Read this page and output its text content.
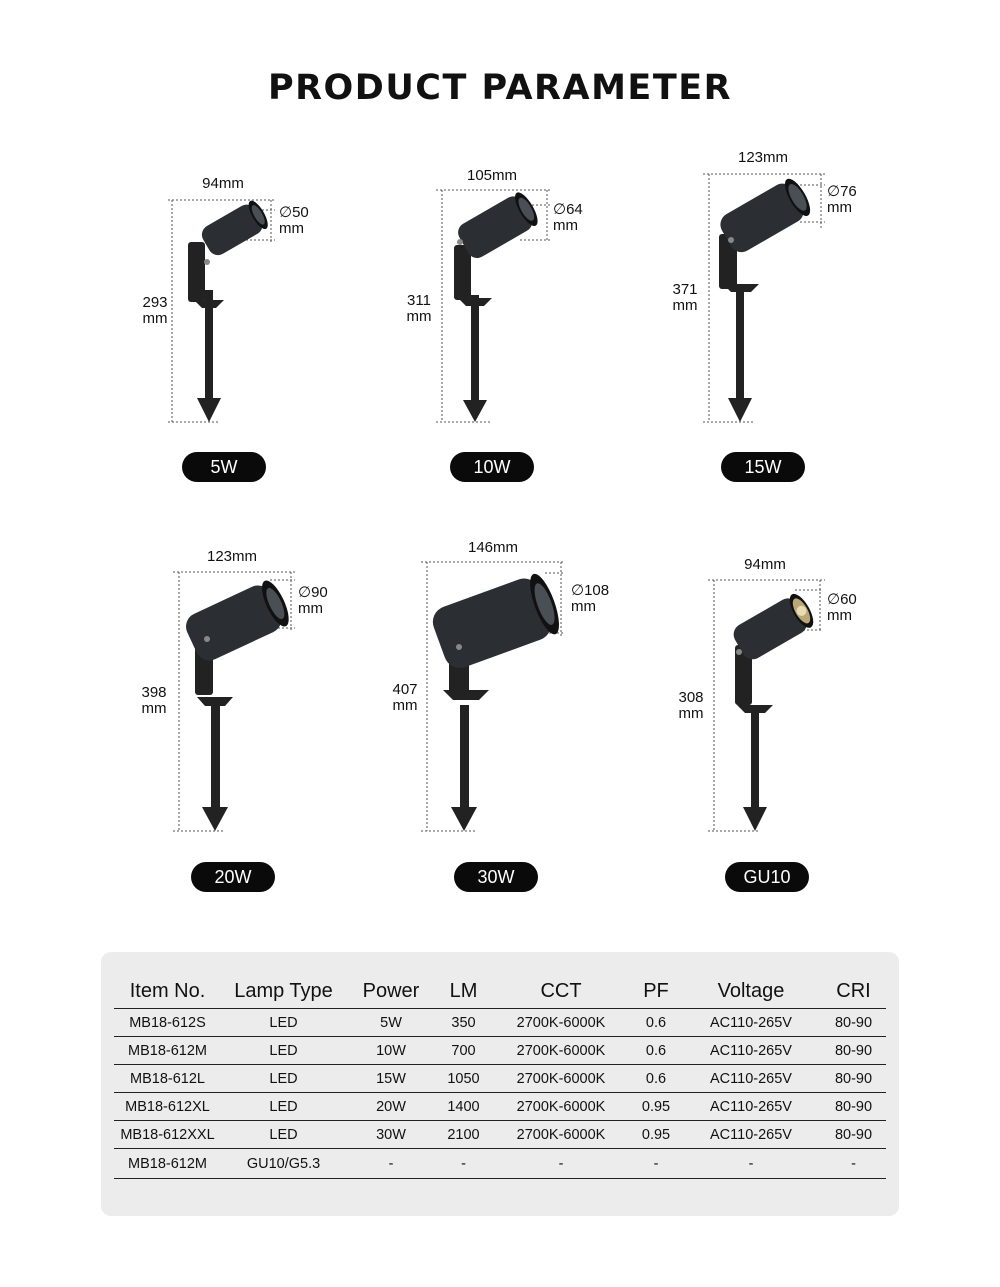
PRODUCT PARAMETER
94mm
293
mm
∅50
mm
5W
105mm
311
mm
∅64
mm
10W
123mm
371
mm
∅76
mm
15W
123mm
398
mm
∅90
mm
20W
146mm
407
mm
∅108
mm
30W
94mm
308
mm
∅60
mm
GU10
Item No.	Lamp Type	Power	LM	CCT	PF	Voltage	CRI
MB18-612S	LED	5W	350	2700K-6000K	0.6	AC110-265V	80-90
MB18-612M	LED	10W	700	2700K-6000K	0.6	AC110-265V	80-90
MB18-612L	LED	15W	1050	2700K-6000K	0.6	AC110-265V	80-90
MB18-612XL	LED	20W	1400	2700K-6000K	0.95	AC110-265V	80-90
MB18-612XXL	LED	30W	2100	2700K-6000K	0.95	AC110-265V	80-90
MB18-612M	GU10/G5.3	-	-	-	-	-	-
